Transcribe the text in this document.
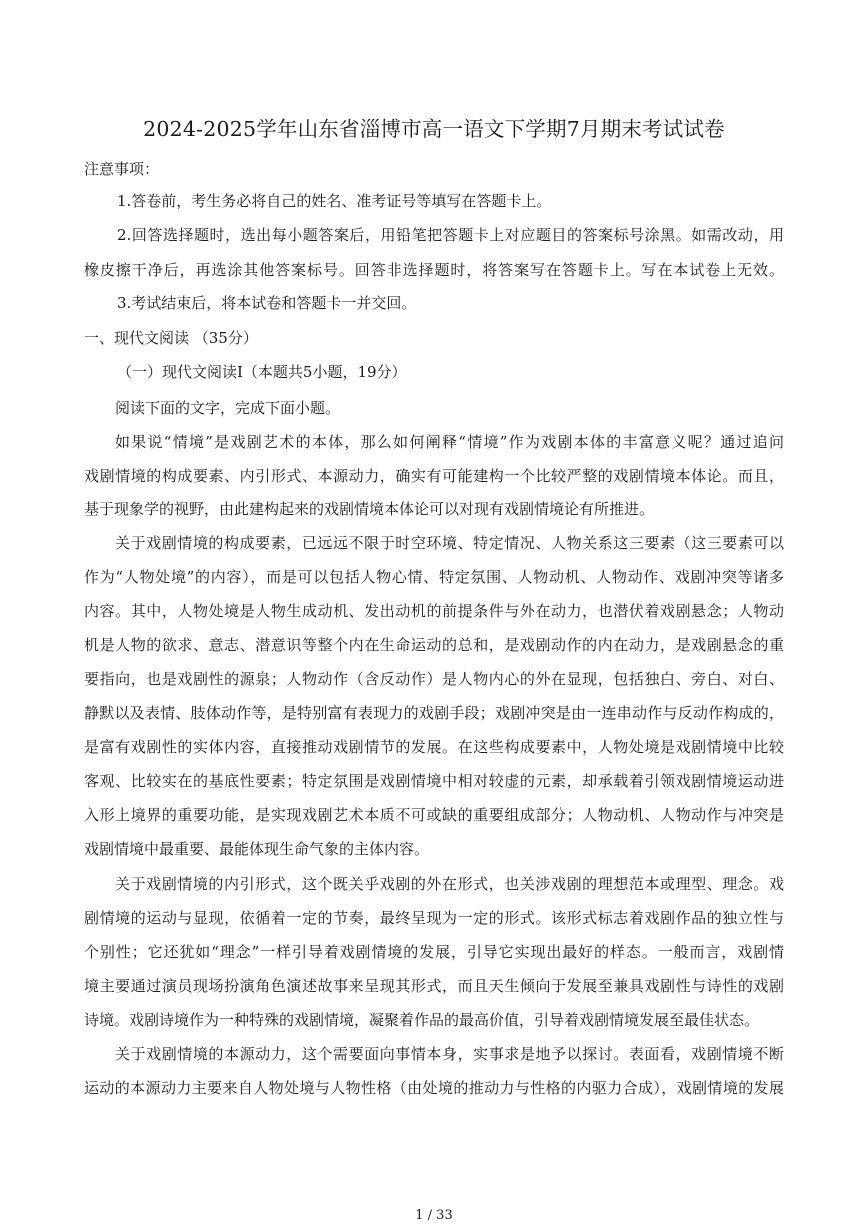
2024-2025学年山东省淄博市高一语文下学期7月期末考试试卷
注意事项：
1.答卷前，考生务必将自己的姓名、准考证号等填写在答题卡上。
2.回答选择题时，选出每小题答案后，用铅笔把答题卡上对应题目的答案标号涂黑。如需改动，用
橡皮擦干净后，再选涂其他答案标号。回答非选择题时，将答案写在答题卡上。写在本试卷上无效。
3.考试结束后，将本试卷和答题卡一并交回。
一、现代文阅读 （35分）
（一）现代文阅读Ⅰ（本题共5小题，19分）
阅读下面的文字，完成下面小题。
如果说“情境”是戏剧艺术的本体，那么如何阐释“情境”作为戏剧本体的丰富意义呢？通过追问
戏剧情境的构成要素、内引形式、本源动力，确实有可能建构一个比较严整的戏剧情境本体论。而且，
基于现象学的视野，由此建构起来的戏剧情境本体论可以对现有戏剧情境论有所推进。
关于戏剧情境的构成要素，已远远不限于时空环境、特定情况、人物关系这三要素（这三要素可以
作为“人物处境”的内容），而是可以包括人物心情、特定氛围、人物动机、人物动作、戏剧冲突等诸多
内容。其中，人物处境是人物生成动机、发出动机的前提条件与外在动力，也潜伏着戏剧悬念；人物动
机是人物的欲求、意志、潜意识等整个内在生命运动的总和，是戏剧动作的内在动力，是戏剧悬念的重
要指向，也是戏剧性的源泉；人物动作（含反动作）是人物内心的外在显现，包括独白、旁白、对白、
静默以及表情、肢体动作等，是特别富有表现力的戏剧手段；戏剧冲突是由一连串动作与反动作构成的，
是富有戏剧性的实体内容，直接推动戏剧情节的发展。在这些构成要素中，人物处境是戏剧情境中比较
客观、比较实在的基底性要素；特定氛围是戏剧情境中相对较虚的元素，却承载着引领戏剧情境运动进
入形上境界的重要功能，是实现戏剧艺术本质不可或缺的重要组成部分；人物动机、人物动作与冲突是
戏剧情境中最重要、最能体现生命气象的主体内容。
关于戏剧情境的内引形式，这个既关乎戏剧的外在形式，也关涉戏剧的理想范本或理型、理念。戏
剧情境的运动与显现，依循着一定的节奏，最终呈现为一定的形式。该形式标志着戏剧作品的独立性与
个别性；它还犹如“理念”一样引导着戏剧情境的发展，引导它实现出最好的样态。一般而言，戏剧情
境主要通过演员现场扮演角色演述故事来呈现其形式，而且天生倾向于发展至兼具戏剧性与诗性的戏剧
诗境。戏剧诗境作为一种特殊的戏剧情境，凝聚着作品的最高价值，引导着戏剧情境发展至最佳状态。
关于戏剧情境的本源动力，这个需要面向事情本身，实事求是地予以探讨。表面看，戏剧情境不断
运动的本源动力主要来自人物处境与人物性格（由处境的推动力与性格的内驱力合成），戏剧情境的发展
1 / 33
